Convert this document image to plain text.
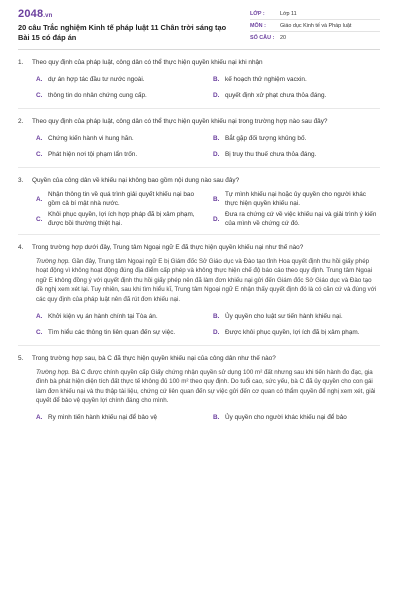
2048.vn
20 câu Trắc nghiệm Kinh tế pháp luật 11 Chân trời sáng tạo Bài 15 có đáp án
LỚP :	Lớp 11
MÔN :	Giáo dục Kinh tế và Pháp luật
SỐ CÂU :	20
1.	Theo quy định của pháp luật, công dân có thể thực hiện quyền khiếu nại khi nhận
A. dự án hợp tác đầu tư nước ngoài.	B. kế hoạch thử nghiệm vacxin.
C. thông tin do nhân chứng cung cấp.	D. quyết định xử phạt chưa thỏa đáng.
2.	Theo quy định của pháp luật, công dân có thể thực hiện quyền khiếu nại trong trường hợp nào sau đây?
A. Chứng kiến hành vi hung hăn.	B. Bắt gặp đối tượng khủng bố.
C. Phát hiện nơi tội phạm lẩn trốn.	D. Bị truy thu thuế chưa thỏa đáng.
3.	Quyền của công dân về khiếu nại không bao gồm nội dung nào sau đây?
A.
Nhận thông tin về quá trình giải quyết khiếu nại bao gồm cả bí mật nhà nước.
B.
Tự mình khiếu nại hoặc ủy quyền cho người khác thực hiện quyền khiếu nại.
C.
Khôi phục quyền, lợi ích hợp pháp đã bị xâm phạm, được bồi thường thiệt hại.
D.
Đưa ra chứng cứ về việc khiếu nại và giải trình ý kiến của mình về chứng cứ đó.
4.	Trong trường hợp dưới đây, Trung tâm Ngoại ngữ E đã thực hiện quyền khiếu nại như thế nào?
Trường hợp. Gần đây, Trung tâm Ngoại ngữ E bị Giám đốc Sở Giáo dục và Đào tạo tỉnh Hoa quyết định thu hồi giấy phép hoạt động vì không hoạt động đúng địa điểm cấp phép và không thực hiện chế độ báo cáo theo quy định. Trung tâm Ngoại ngữ E không đồng ý với quyết định thu hồi giấy phép nên đã làm đơn khiếu nại gửi đến Giám đốc Sở Giáo dục và Đào tạo đề nghị xem xét lại. Tuy nhiên, sau khi tìm hiểu kĩ, Trung tâm Ngoại ngữ E nhận thấy quyết định đó là có căn cứ và đúng với các quy định của pháp luật nên đã rút đơn khiếu nại.
A. Khởi kiện vụ án hành chính tại Tòa án.	B. Ủy quyền cho luật sư tiến hành khiếu nại.
C. Tìm hiểu các thông tin liên quan đến sự việc.	D. Được khôi phục quyền, lợi ích đã bị xâm phạm.
5.	Trong trường hợp sau, bà C đã thực hiện quyền khiếu nại của công dân như thế nào?
Trường hợp. Bà C được chính quyền cấp Giấy chứng nhận quyền sử dụng 100 m² đất nhưng sau khi tiến hành đo đạc, gia đình bà phát hiện diện tích đất thực tế không đủ 100 m² theo quy định. Do tuổi cao, sức yếu, bà C đã ủy quyền cho con gái làm đơn khiếu nại và thu thập tài liệu, chứng cứ liên quan đến sự việc gửi đến cơ quan có thẩm quyền để nghị xem xét, giải quyết để bảo vệ quyền lợi chính đáng cho mình.
A. Ry mình tiến hành khiếu nại để bảo vệ	B. Ủy quyền cho người khác khiếu nại để bảo
